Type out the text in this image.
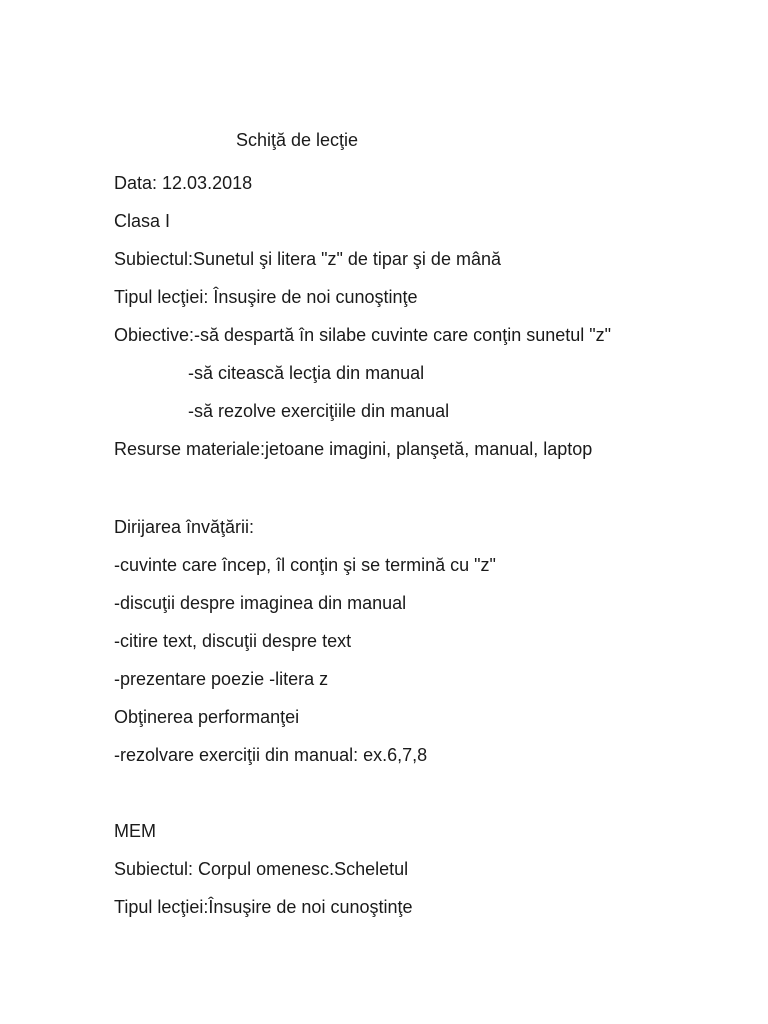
Schiţă de lecţie
Data: 12.03.2018
Clasa I
Subiectul:Sunetul şi litera "z" de tipar şi de mână
Tipul lecţiei: Însuşire de noi cunoştinţe
Obiective:-să despartă în silabe cuvinte care conţin sunetul "z"
-să citească lecţia din manual
-să rezolve exerciţiile din manual
Resurse materiale:jetoane imagini, planşetă, manual, laptop
Dirijarea învăţării:
-cuvinte care încep, îl conţin şi se termină cu "z"
-discuţii despre imaginea din manual
-citire text, discuţii despre text
-prezentare poezie -litera z
Obţinerea performanţei
-rezolvare exerciţii din manual: ex.6,7,8
MEM
Subiectul: Corpul omenesc.Scheletul
Tipul lecţiei:Însuşire de noi cunoştinţe
